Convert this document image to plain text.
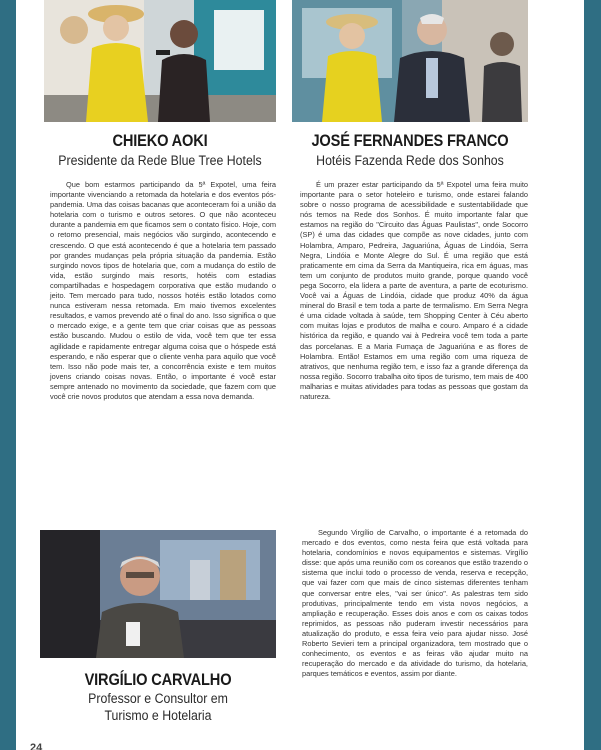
CHIEKO AOKI
Presidente da Rede Blue Tree Hotels
JOSÉ FERNANDES FRANCO
Hotéis Fazenda Rede dos Sonhos

Que bom estarmos participando da 5ª Expotel, uma feira importante vivenciando a retomada da hotelaria e dos eventos pós-pandemia. Uma das coisas bacanas que aconteceram foi a união da hotelaria com o turismo e outros setores. O que não aconteceu durante a pandemia em que ficamos sem o contato físico. Hoje, com o retorno presencial, mais negócios vão surgindo, acontecendo e crescendo. O que está acontecendo é que a hotelaria tem passado por grandes mudanças pela própria situação da pandemia. Estão surgindo novos tipos de hotelaria que, com a mudança do estilo de vida, estão surgindo mais resorts, hotéis com estadias compartilhadas e hospedagem corporativa que estão mudando o jeito. Tem mercado para tudo, nossos hotéis estão lotados como nunca estiveram nessa retomada. Em maio tivemos excelentes resultados, e vamos prevendo até o final do ano. Isso significa o que o mercado exige, e a gente tem que criar coisas que as pessoas estão buscando. Mudou o estilo de vida, você tem que ter essa agilidade e rapidamente entregar alguma coisa que o hóspede está esperando, e não esperar que o cliente venha para aquilo que você tem. Isso não pode mais ter, a concorrência existe e tem muitos jovens criando coisas novas. Então, o importante é você estar sempre antenado no movimento da sociedade, que fazem com que você crie novos produtos que atendam a essa nova demanda.

É um prazer estar participando da 5ª Expotel uma feira muito importante para o setor hoteleiro e turismo, onde estarei falando sobre o nosso programa de acessibilidade e sustentabilidade que nós temos na Rede dos Sonhos. É muito importante falar que estamos na região do "Circuito das Águas Paulistas", onde Socorro (SP) é uma das cidades que compõe as nove cidades, junto com Holambra, Amparo, Pedreira, Jaguariúna, Águas de Lindóia, Serra Negra, Lindóia e Monte Alegre do Sul. É uma região que está praticamente em cima da Serra da Mantiqueira, rica em águas, mas tem um conjunto de produtos muito grande, porque quando você pega Socorro, ela lidera a parte de aventura, a parte de ecoturismo. Você vai a Águas de Lindóia, cidade que produz 40% da água mineral do Brasil e tem toda a parte de termalismo. Em Serra Negra é uma cidade voltada à saúde, tem Shopping Center à Céu aberto com muitas lojas e produtos de malha e couro. Amparo é a cidade histórica da região, e quando vai à Pedreira você tem toda a parte das porcelanas. E a Maria Fumaça de Jaguariúna e as flores de Holambra. Então! Estamos em uma região com uma riqueza de atrativos, que nenhuma região tem, e isso faz a grande diferença da nossa região. Socorro trabalha oito tipos de turismo, tem mais de 400 malharias e muitas atividades para todas as pessoas que gostam da natureza.

VIRGÍLIO CARVALHO
Professor e Consultor em
Turismo e Hotelaria

Segundo Virgílio de Carvalho, o importante é a retomada do mercado e dos eventos, como nesta feira que está voltada para hotelaria, condomínios e novos equipamentos e sistemas. Virgílio disse: que após uma reunião com os coreanos que estão trazendo o sistema que inclui todo o processo de venda, reserva e recepção, que vai fazer com que mais de cinco sistemas diferentes tenham que conversar entre eles, "vai ser único". As palestras tem sido produtivas, principalmente tendo em vista novos negócios, a ampliação e recuperação. Esses dois anos e com os caixas todos reprimidos, as pessoas não puderam investir necessários para atualização do produto, e essa feira veio para ajudar nisso. José Roberto Sevieri tem a principal organizadora, tem mostrado que o conhecimento, os eventos e as feiras vão ajudar muito na recuperação do mercado e da atividade do turismo, da hotelaria, parques temáticos e eventos, assim por diante.

24
